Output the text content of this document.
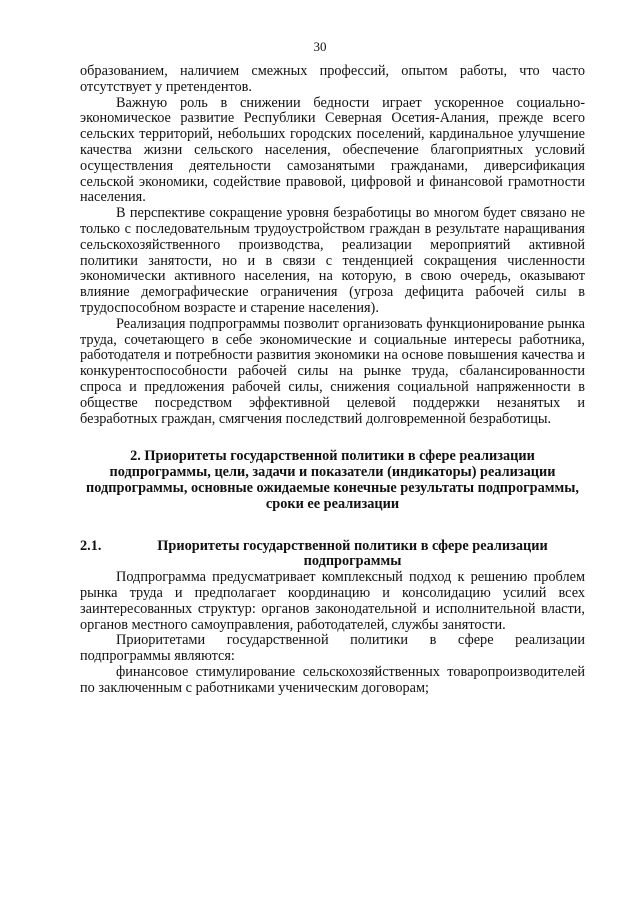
30

образованием, наличием смежных профессий, опытом работы, что часто отсутствует у претендентов.

Важную роль в снижении бедности играет ускоренное социально-экономическое развитие Республики Северная Осетия-Алания, прежде всего сельских территорий, небольших городских поселений, кардинальное улучшение качества жизни сельского населения, обеспечение благоприятных условий осуществления деятельности самозанятыми гражданами, диверсификация сельской экономики, содействие правовой, цифровой и финансовой грамотности населения.

В перспективе сокращение уровня безработицы во многом будет связано не только с последовательным трудоустройством граждан в результате наращивания сельскохозяйственного производства, реализации мероприятий активной политики занятости, но и в связи с тенденцией сокращения численности экономически активного населения, на которую, в свою очередь, оказывают влияние демографические ограничения (угроза дефицита рабочей силы в трудоспособном возрасте и старение населения).

Реализация подпрограммы позволит организовать функционирование рынка труда, сочетающего в себе экономические и социальные интересы работника, работодателя и потребности развития экономики на основе повышения качества и конкурентоспособности рабочей силы на рынке труда, сбалансированности спроса и предложения рабочей силы, снижения социальной напряженности в обществе посредством эффективной целевой поддержки незанятых и безработных граждан, смягчения последствий долговременной безработицы.

2. Приоритеты государственной политики в сфере реализации подпрограммы, цели, задачи и показатели (индикаторы) реализации подпрограммы, основные ожидаемые конечные результаты подпрограммы, сроки ее реализации
2.1.	Приоритеты государственной политики в сфере реализации подпрограммы

Подпрограмма предусматривает комплексный подход к решению проблем рынка труда и предполагает координацию и консолидацию усилий всех заинтересованных структур: органов законодательной и исполнительной власти, органов местного самоуправления, работодателей, службы занятости.

Приоритетами государственной политики в сфере реализации подпрограммы являются:

финансовое стимулирование сельскохозяйственных товаропроизводителей по заключенным с работниками ученическим договорам;
